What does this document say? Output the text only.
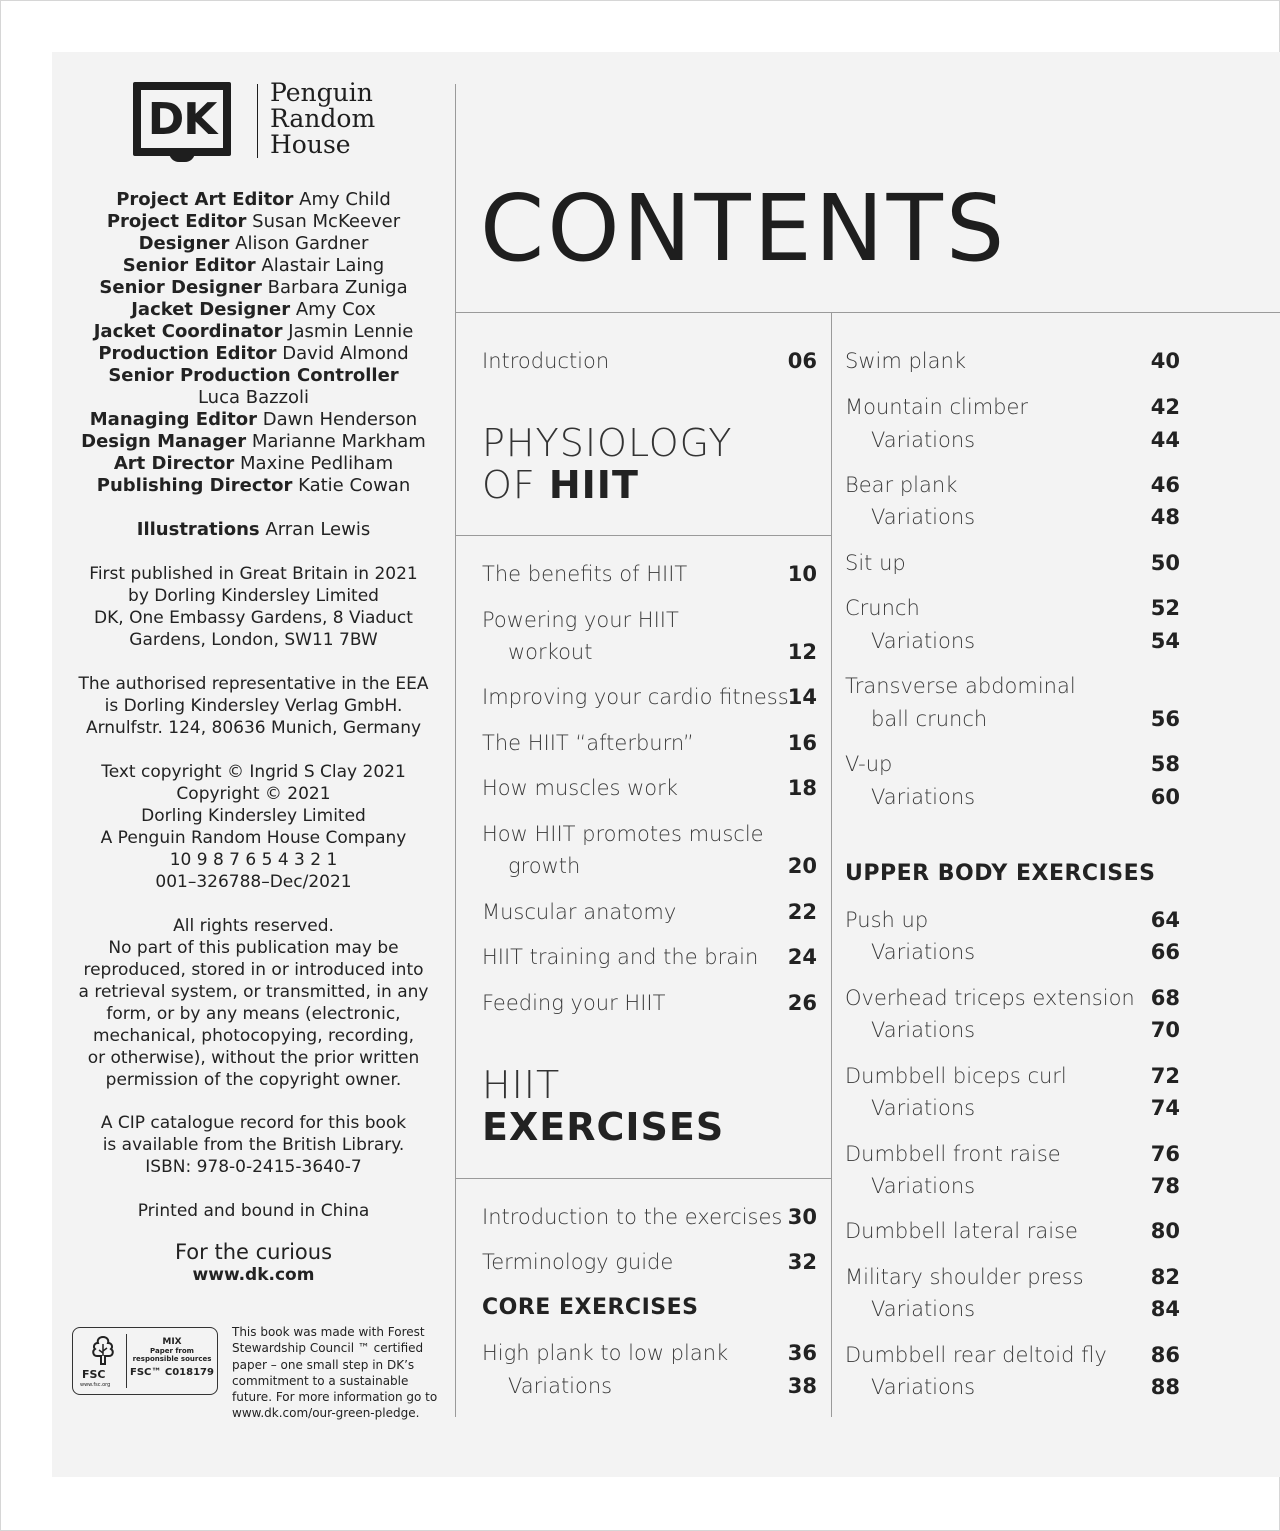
DK
Penguin
Random
House
Project Art Editor Amy Child
Project Editor Susan McKeever
Designer Alison Gardner
Senior Editor Alastair Laing
Senior Designer Barbara Zuniga
Jacket Designer Amy Cox
Jacket Coordinator Jasmin Lennie
Production Editor David Almond
Senior Production Controller
Luca Bazzoli
Managing Editor Dawn Henderson
Design Manager Marianne Markham
Art Director Maxine Pedliham
Publishing Director Katie Cowan
Illustrations Arran Lewis

First published in Great Britain in 2021

by Dorling Kindersley Limited

DK, One Embassy Gardens, 8 Viaduct

Gardens, London, SW11 7BW

The authorised representative in the EEA

is Dorling Kindersley Verlag GmbH.

Arnulfstr. 124, 80636 Munich, Germany

Text copyright © Ingrid S Clay 2021

Copyright © 2021

Dorling Kindersley Limited

A Penguin Random House Company

10 9 8 7 6 5 4 3 2 1

001–326788–Dec/2021

All rights reserved.

No part of this publication may be

reproduced, stored in or introduced into

a retrieval system, or transmitted, in any

form, or by any means (electronic,

mechanical, photocopying, recording,

or otherwise), without the prior written

permission of the copyright owner.

A CIP catalogue record for this book

is available from the British Library.

ISBN: 978-0-2415-3640-7

Printed and bound in China

For the curious
www.dk.com
FSC
www.fsc.org
MIX
Paper from
responsible sources
FSC™ C018179

This book was made with Forest

Stewardship Council ™ certified

paper – one small step in DK’s

commitment to a sustainable

future. For more information go to

www.dk.com/our-green-pledge.

CONTENTS
Introduction	06
PHYSIOLOGY
OF HIIT
The benefits of HIIT	10
Powering your HIIT
workout	12
Improving your cardio fitness 14
The HIIT “afterburn”	16
How muscles work	18
How HIIT promotes muscle
growth	20
Muscular anatomy	22
HIIT training and the brain 24
Feeding your HIIT	26
HIIT
EXERCISES
Introduction to the exercises 30
Terminology guide	32
CORE EXERCISES
High plank to low plank	36
Variations	38
Swim plank	40
Mountain climber	42
Variations	44
Bear plank	46
Variations	48
Sit up	50
Crunch	52
Variations	54
Transverse abdominal
ball crunch	56
V-up	58
Variations	60
UPPER BODY EXERCISES
Push up	64
Variations	66
Overhead triceps extension 68
Variations	70
Dumbbell biceps curl	72
Variations	74
Dumbbell front raise	76
Variations	78
Dumbbell lateral raise	80
Military shoulder press	82
Variations	84
Dumbbell rear deltoid fly 86
Variations	88
